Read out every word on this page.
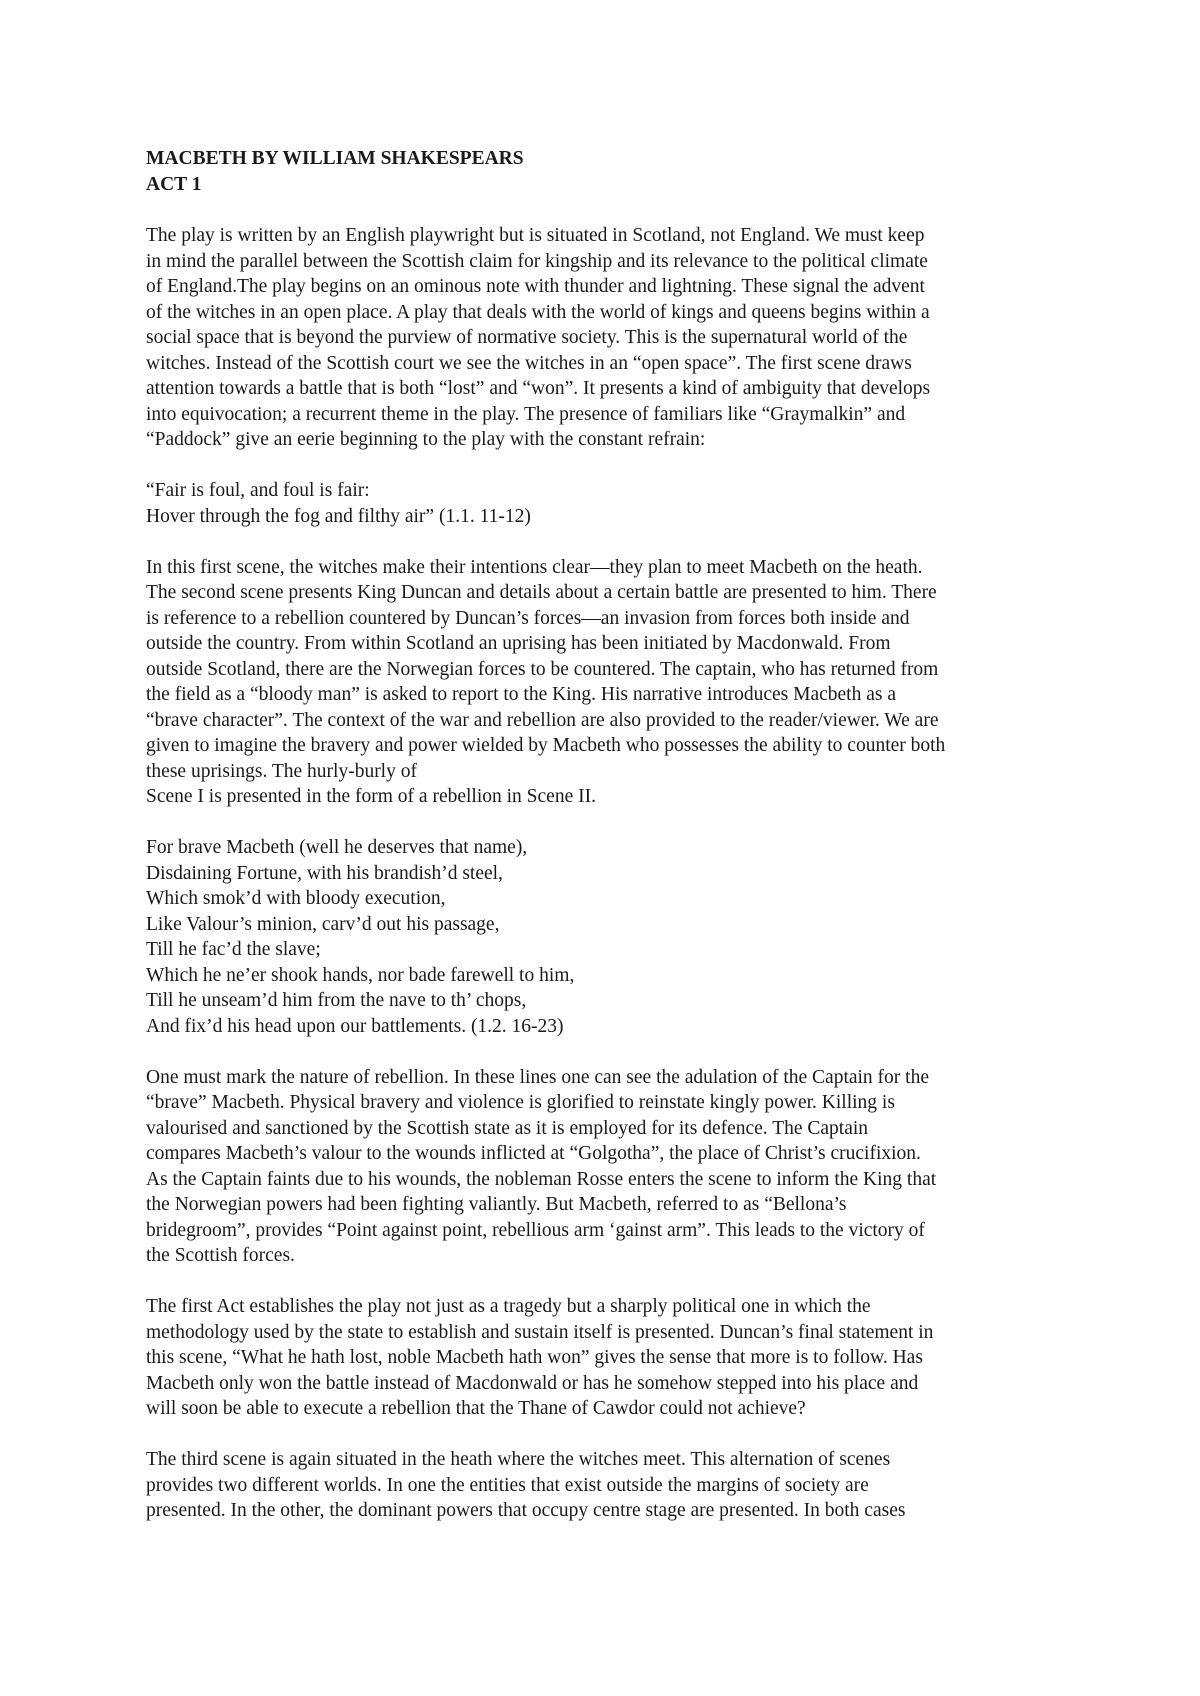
MACBETH BY WILLIAM SHAKESPEARS
ACT 1
The play is written by an English playwright but is situated in Scotland, not England. We must keep
in mind the parallel between the Scottish claim for kingship and its relevance to the political climate
of England.The play begins on an ominous note with thunder and lightning. These signal the advent
of the witches in an open place. A play that deals with the world of kings and queens begins within a
social space that is beyond the purview of normative society. This is the supernatural world of the
witches. Instead of the Scottish court we see the witches in an “open space”. The first scene draws
attention towards a battle that is both “lost” and “won”. It presents a kind of ambiguity that develops
into equivocation; a recurrent theme in the play. The presence of familiars like “Graymalkin” and
“Paddock” give an eerie beginning to the play with the constant refrain:
“Fair is foul, and foul is fair:
Hover through the fog and filthy air” (1.1. 11-12)
In this first scene, the witches make their intentions clear—they plan to meet Macbeth on the heath.
The second scene presents King Duncan and details about a certain battle are presented to him. There
is reference to a rebellion countered by Duncan’s forces—an invasion from forces both inside and
outside the country. From within Scotland an uprising has been initiated by Macdonwald. From
outside Scotland, there are the Norwegian forces to be countered. The captain, who has returned from
the field as a “bloody man” is asked to report to the King. His narrative introduces Macbeth as a
“brave character”. The context of the war and rebellion are also provided to the reader/viewer. We are
given to imagine the bravery and power wielded by Macbeth who possesses the ability to counter both
these uprisings. The hurly-burly of
Scene I is presented in the form of a rebellion in Scene II.
For brave Macbeth (well he deserves that name),
Disdaining Fortune, with his brandish’d steel,
Which smok’d with bloody execution,
Like Valour’s minion, carv’d out his passage,
Till he fac’d the slave;
Which he ne’er shook hands, nor bade farewell to him,
Till he unseam’d him from the nave to th’ chops,
And fix’d his head upon our battlements. (1.2. 16-23)
One must mark the nature of rebellion. In these lines one can see the adulation of the Captain for the
“brave” Macbeth. Physical bravery and violence is glorified to reinstate kingly power. Killing is
valourised and sanctioned by the Scottish state as it is employed for its defence. The Captain
compares Macbeth’s valour to the wounds inflicted at “Golgotha”, the place of Christ’s crucifixion.
As the Captain faints due to his wounds, the nobleman Rosse enters the scene to inform the King that
the Norwegian powers had been fighting valiantly. But Macbeth, referred to as “Bellona’s
bridegroom”, provides “Point against point, rebellious arm ‘gainst arm”. This leads to the victory of
the Scottish forces.
The first Act establishes the play not just as a tragedy but a sharply political one in which the
methodology used by the state to establish and sustain itself is presented. Duncan’s final statement in
this scene, “What he hath lost, noble Macbeth hath won” gives the sense that more is to follow. Has
Macbeth only won the battle instead of Macdonwald or has he somehow stepped into his place and
will soon be able to execute a rebellion that the Thane of Cawdor could not achieve?
The third scene is again situated in the heath where the witches meet. This alternation of scenes
provides two different worlds. In one the entities that exist outside the margins of society are
presented. In the other, the dominant powers that occupy centre stage are presented. In both cases
